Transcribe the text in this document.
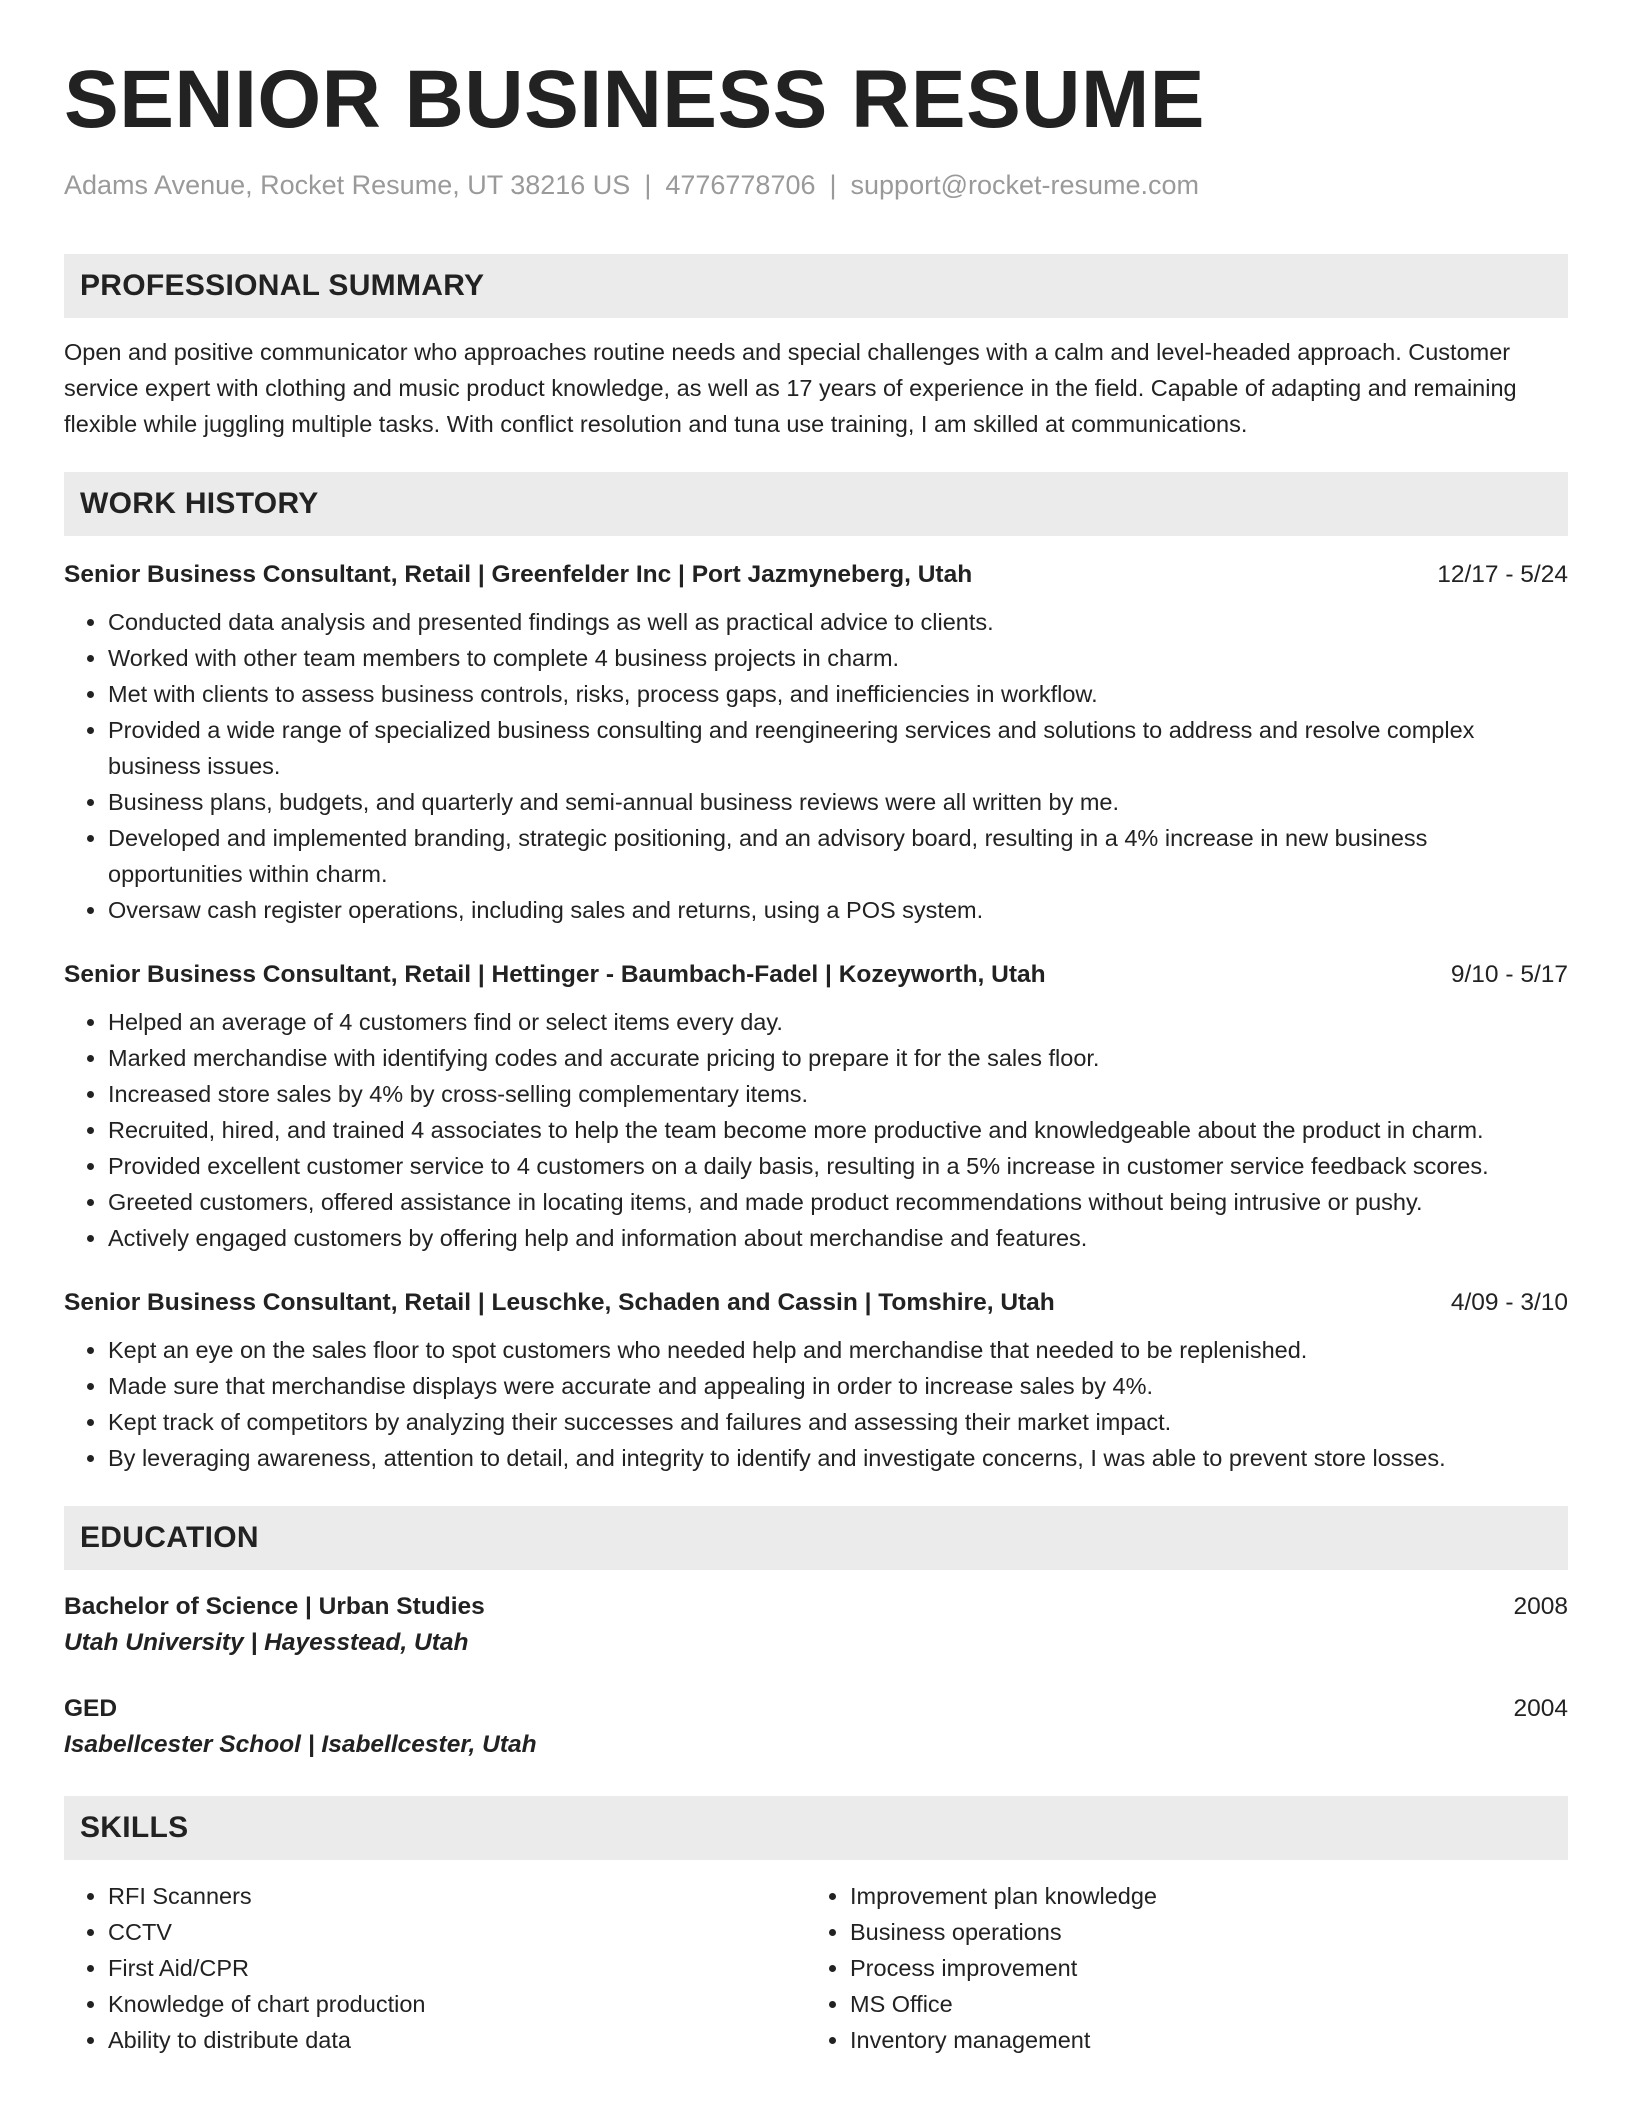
SENIOR BUSINESS RESUME
Adams Avenue, Rocket Resume, UT 38216 US | 4776778706 | support@rocket-resume.com
PROFESSIONAL SUMMARY
Open and positive communicator who approaches routine needs and special challenges with a calm and level-headed approach. Customer service expert with clothing and music product knowledge, as well as 17 years of experience in the field. Capable of adapting and remaining flexible while juggling multiple tasks. With conflict resolution and tuna use training, I am skilled at communications.
WORK HISTORY
Senior Business Consultant, Retail | Greenfelder Inc | Port Jazmyneberg, Utah	12/17 - 5/24
• Conducted data analysis and presented findings as well as practical advice to clients.
• Worked with other team members to complete 4 business projects in charm.
• Met with clients to assess business controls, risks, process gaps, and inefficiencies in workflow.
• Provided a wide range of specialized business consulting and reengineering services and solutions to address and resolve complex business issues.
• Business plans, budgets, and quarterly and semi-annual business reviews were all written by me.
• Developed and implemented branding, strategic positioning, and an advisory board, resulting in a 4% increase in new business opportunities within charm.
• Oversaw cash register operations, including sales and returns, using a POS system.
Senior Business Consultant, Retail | Hettinger - Baumbach-Fadel | Kozeyworth, Utah	9/10 - 5/17
• Helped an average of 4 customers find or select items every day.
• Marked merchandise with identifying codes and accurate pricing to prepare it for the sales floor.
• Increased store sales by 4% by cross-selling complementary items.
• Recruited, hired, and trained 4 associates to help the team become more productive and knowledgeable about the product in charm.
• Provided excellent customer service to 4 customers on a daily basis, resulting in a 5% increase in customer service feedback scores.
• Greeted customers, offered assistance in locating items, and made product recommendations without being intrusive or pushy.
• Actively engaged customers by offering help and information about merchandise and features.
Senior Business Consultant, Retail | Leuschke, Schaden and Cassin | Tomshire, Utah	4/09 - 3/10
• Kept an eye on the sales floor to spot customers who needed help and merchandise that needed to be replenished.
• Made sure that merchandise displays were accurate and appealing in order to increase sales by 4%.
• Kept track of competitors by analyzing their successes and failures and assessing their market impact.
• By leveraging awareness, attention to detail, and integrity to identify and investigate concerns, I was able to prevent store losses.
EDUCATION
Bachelor of Science | Urban Studies	2008
Utah University | Hayesstead, Utah
GED	2004
Isabellcester School | Isabellcester, Utah
SKILLS
• RFI Scanners
• CCTV
• First Aid/CPR
• Knowledge of chart production
• Ability to distribute data
• Improvement plan knowledge
• Business operations
• Process improvement
• MS Office
• Inventory management
